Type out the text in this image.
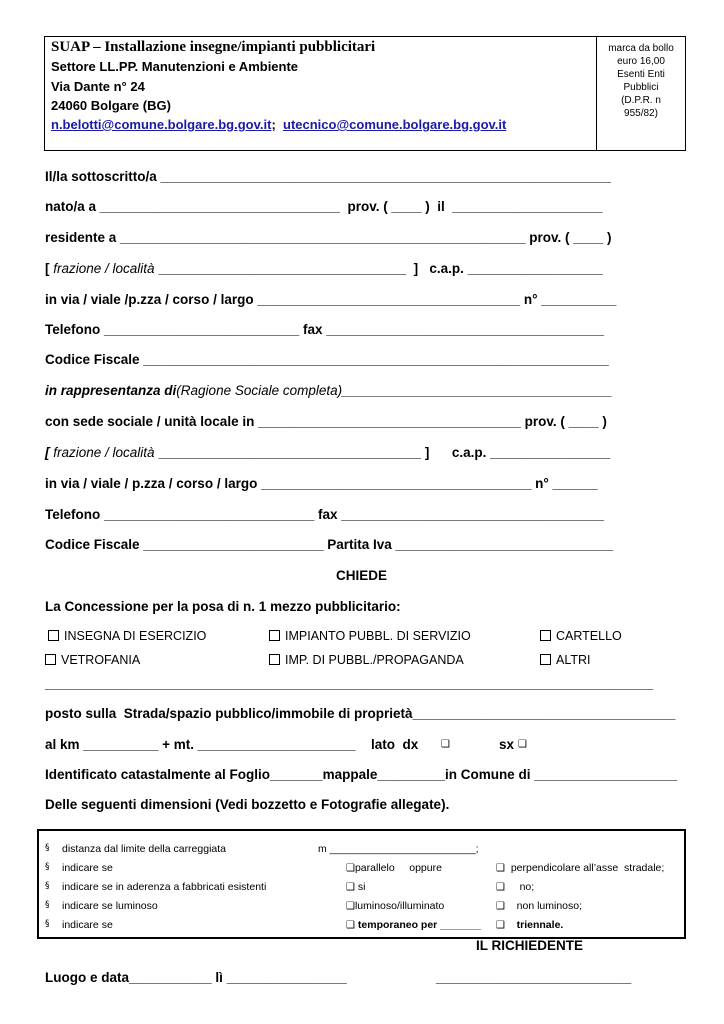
SUAP – Installazione insegne/impianti pubblicitari
Settore LL.PP. Manutenzioni e Ambiente
Via Dante n° 24
24060 Bolgare (BG)
n.belotti@comune.bolgare.bg.gov.it; utecnico@comune.bolgare.bg.gov.it
marca da bollo
euro 16,00
Esenti Enti
Pubblici
(D.P.R. n
955/82)
Il/la sottoscritto/a ____________________________________________________________
nato/a a ________________________________  prov. ( ____ )  il  ____________________
residente a ______________________________________________________ prov. ( ____ )
[ frazione / località _________________________________  ]   c.a.p. __________________
in via / viale /p.zza / corso / largo ___________________________________ n° __________
Telefono __________________________ fax _____________________________________
Codice Fiscale ______________________________________________________________
in rappresentanza di(Ragione Sociale completa)____________________________________
con sede sociale / unità locale in ___________________________________ prov. ( ____ )
[ frazione / località ___________________________________ ]      c.a.p. ________________
in via / viale / p.zza / corso / largo ____________________________________ n° ______
Telefono ____________________________ fax ___________________________________
Codice Fiscale ________________________ Partita Iva _____________________________
CHIEDE
La Concessione per la posa di n. 1 mezzo pubblicitario:
INSEGNA DI ESERCIZIO	IMPIANTO PUBBL. DI SERVIZIO	CARTELLO
VETROFANIA	IMP. DI PUBBL./PROPAGANDA	ALTRI
_________________________________________________________________________________
posto sulla  Strada/spazio pubblico/immobile di proprietà___________________________________
al km __________ + mt. _____________________ lato  dx ❑	sx ❑
Identificato catastalmente al Foglio_______mappale_________in Comune di ___________________
Delle seguenti dimensioni (Vedi bozzetto e Fotografie allegate).
§ distanza dal limite della carreggiata	m _________________________;
§ indicare se	❑parallelo     oppure	❑ perpendicolare all’asse  stradale;
§ indicare se in aderenza a fabbricati esistenti	❑ si	❑ no;
§ indicare se luminoso	❑luminoso/illuminato	❑ non luminoso;
§ indicare se	❑ temporaneo per _______ ❑ triennale.
IL RICHIEDENTE
Luogo e data___________ lì ________________	__________________________
